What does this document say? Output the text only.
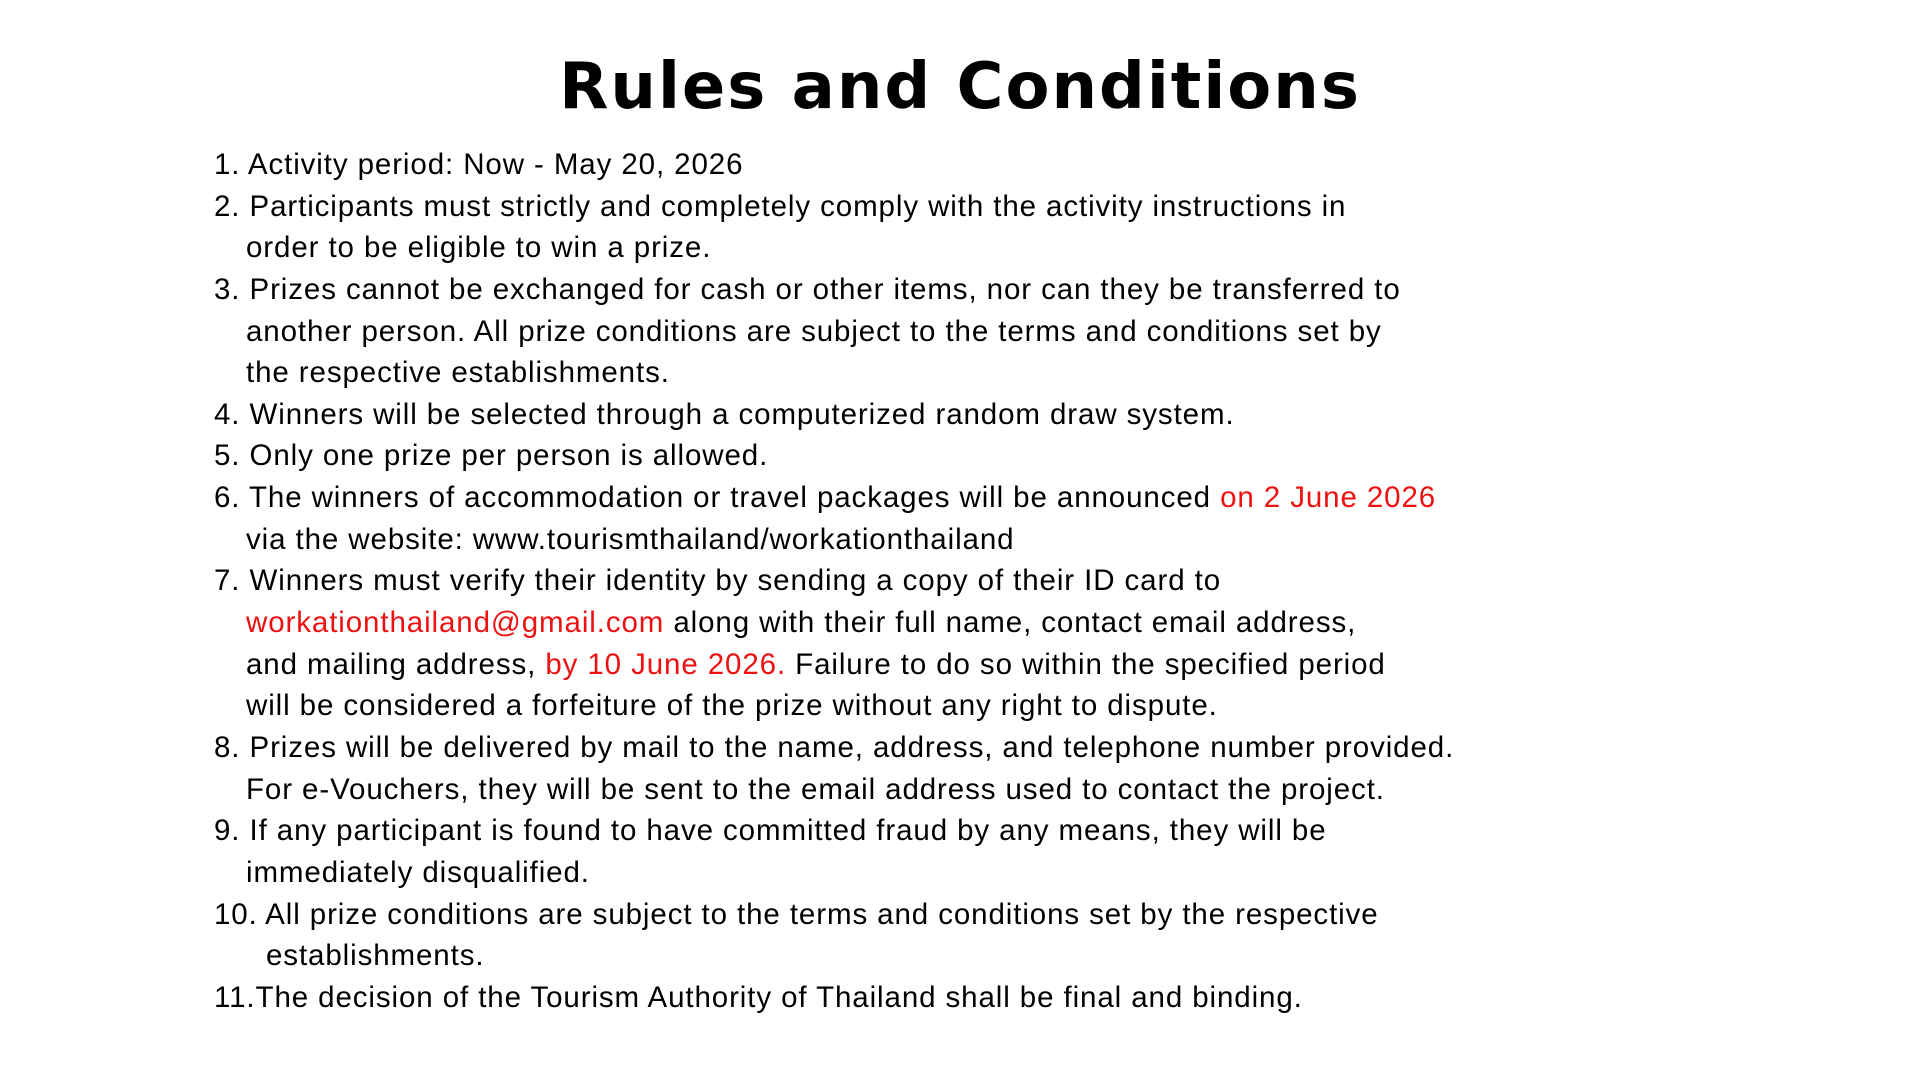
Rules and Conditions
1. Activity period: Now - May 20, 2026
2. Participants must strictly and completely comply with the activity instructions in
order to be eligible to win a prize.
3. Prizes cannot be exchanged for cash or other items, nor can they be transferred to
another person. All prize conditions are subject to the terms and conditions set by
the respective establishments.
4. Winners will be selected through a computerized random draw system.
5. Only one prize per person is allowed.
6. The winners of accommodation or travel packages will be announced on 2 June 2026
via the website: www.tourismthailand/workationthailand
7. Winners must verify their identity by sending a copy of their ID card to
workationthailand@gmail.com along with their full name, contact email address,
and mailing address, by 10 June 2026. Failure to do so within the specified period
will be considered a forfeiture of the prize without any right to dispute.
8. Prizes will be delivered by mail to the name, address, and telephone number provided.
For e-Vouchers, they will be sent to the email address used to contact the project.
9. If any participant is found to have committed fraud by any means, they will be
immediately disqualified.
10. All prize conditions are subject to the terms and conditions set by the respective
establishments.
11.The decision of the Tourism Authority of Thailand shall be final and binding.
